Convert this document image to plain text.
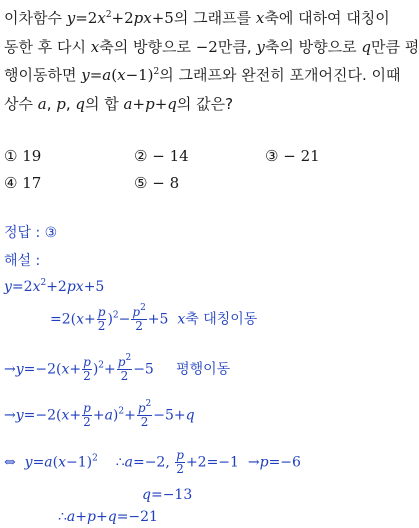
이차함수 $y=2x^2+2px+5$의 그래프를 x축에 대하여 대칭이
동한 후 다시 x축의 방향으로 −2만큼, y축의 방향으로 q만큼 평
행이동하면 $y=a(x-1)^2$의 그래프와 완전히 포개어진다. 이때
상수 a, p, q의 합 a+p+q의 값은?
① 19	② − 14	③ − 21
④ 17	⑤ − 8
정답 : ③
해설 :
$y=2x^2+2px+5$
$=2(x+ \frac{p}{2} )^2- \frac{p^2}{2} +5$ x축 대칭이동
$\to y=-2(x+ \frac{p}{2} )^2+ \frac{p^2}{2} -5$ 평행이동
$\to y=-2(x+ \frac{p}{2} +a)^2+ \frac{p^2}{2} -5+q$
⇔ $y=a(x-1)^2$ ∴a=−2, $\frac{p}{2} +2=-1 \to p=-6$
q=−13
∴a+p+q=−21
